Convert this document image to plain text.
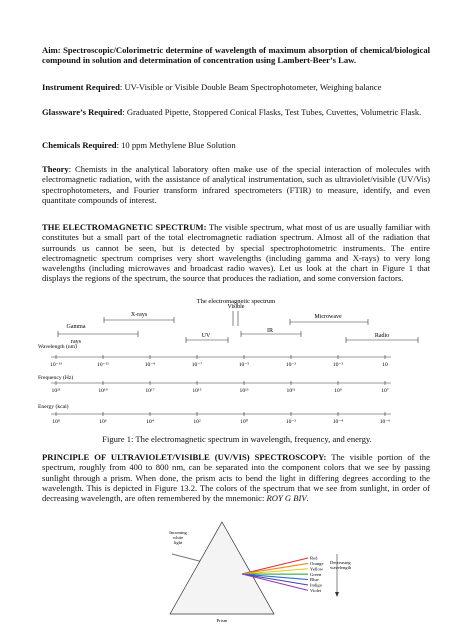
Aim: Spectroscopic/Colorimetric determine of wavelength of maximum absorption of chemical/biological compound in solution and determination of concentration using Lambert-Beer’s Law.

Instrument Required: UV-Visible or Visible Double Beam Spectrophotometer, Weighing balance

Glassware’s Required: Graduated Pipette, Stoppered Conical Flasks, Test Tubes, Cuvettes, Volumetric Flask.

Chemicals Required: 10 ppm Methylene Blue Solution

Theory: Chemists in the analytical laboratory often make use of the special interaction of molecules with electromagnetic radiation, with the assistance of analytical instrumentation, such as ultraviolet/visible (UV/Vis) spectrophotometers, and Fourier transform infrared spectrometers (FTIR) to measure, identify, and even quantitate compounds of interest.

THE ELECTROMAGNETIC SPECTRUM: The visible spectrum, what most of us are usually familiar with constitutes but a small part of the total electromagnetic radiation spectrum. Almost all of the radiation that surrounds us cannot be seen, but is detected by special spectrophotometric instruments. The entire electromagnetic spectrum comprises very short wavelengths (including gamma and X-rays) to very long wavelengths (including microwaves and broadcast radio waves). Let us look at the chart in Figure 1 that displays the regions of the spectrum, the source that produces the radiation, and some conversion factors.

The electromagnetic spectrum
X-rays
Gamma
rays
UV
Visible
IR
Microwave
Radio
Wavelength (nm)
10⁻¹³	10⁻¹¹	10⁻⁹	10⁻⁷	10⁻⁵	10⁻³	10⁻¹	10
Frequency (Hz)
10²¹	10¹⁹	10¹⁷	10¹⁵	10¹³	10¹¹	10⁹	10⁷
Energy (kcal)
10⁸	10⁶	10⁴	10²	10⁰	10⁻²	10⁻⁴	10⁻⁶
Figure 1: The electromagnetic spectrum in wavelength, frequency, and energy.

PRINCIPLE OF ULTRAVIOLET/VISIBLE (UV/VIS) SPECTROSCOPY: The visible portion of the spectrum, roughly from 400 to 800 nm, can be separated into the component colors that we see by passing sunlight through a prism. When done, the prism acts to bend the light in differing degrees according to the wavelength. This is depicted in Figure 13.2. The colors of the spectrum that we see from sunlight, in order of decreasing wavelength, are often remembered by the mnemonic: ROY G BIV.

Incoming
white
light
Red
Orange
Yellow
Green
Blue
Indigo
Violet
Decreasing
wavelength
Prism
